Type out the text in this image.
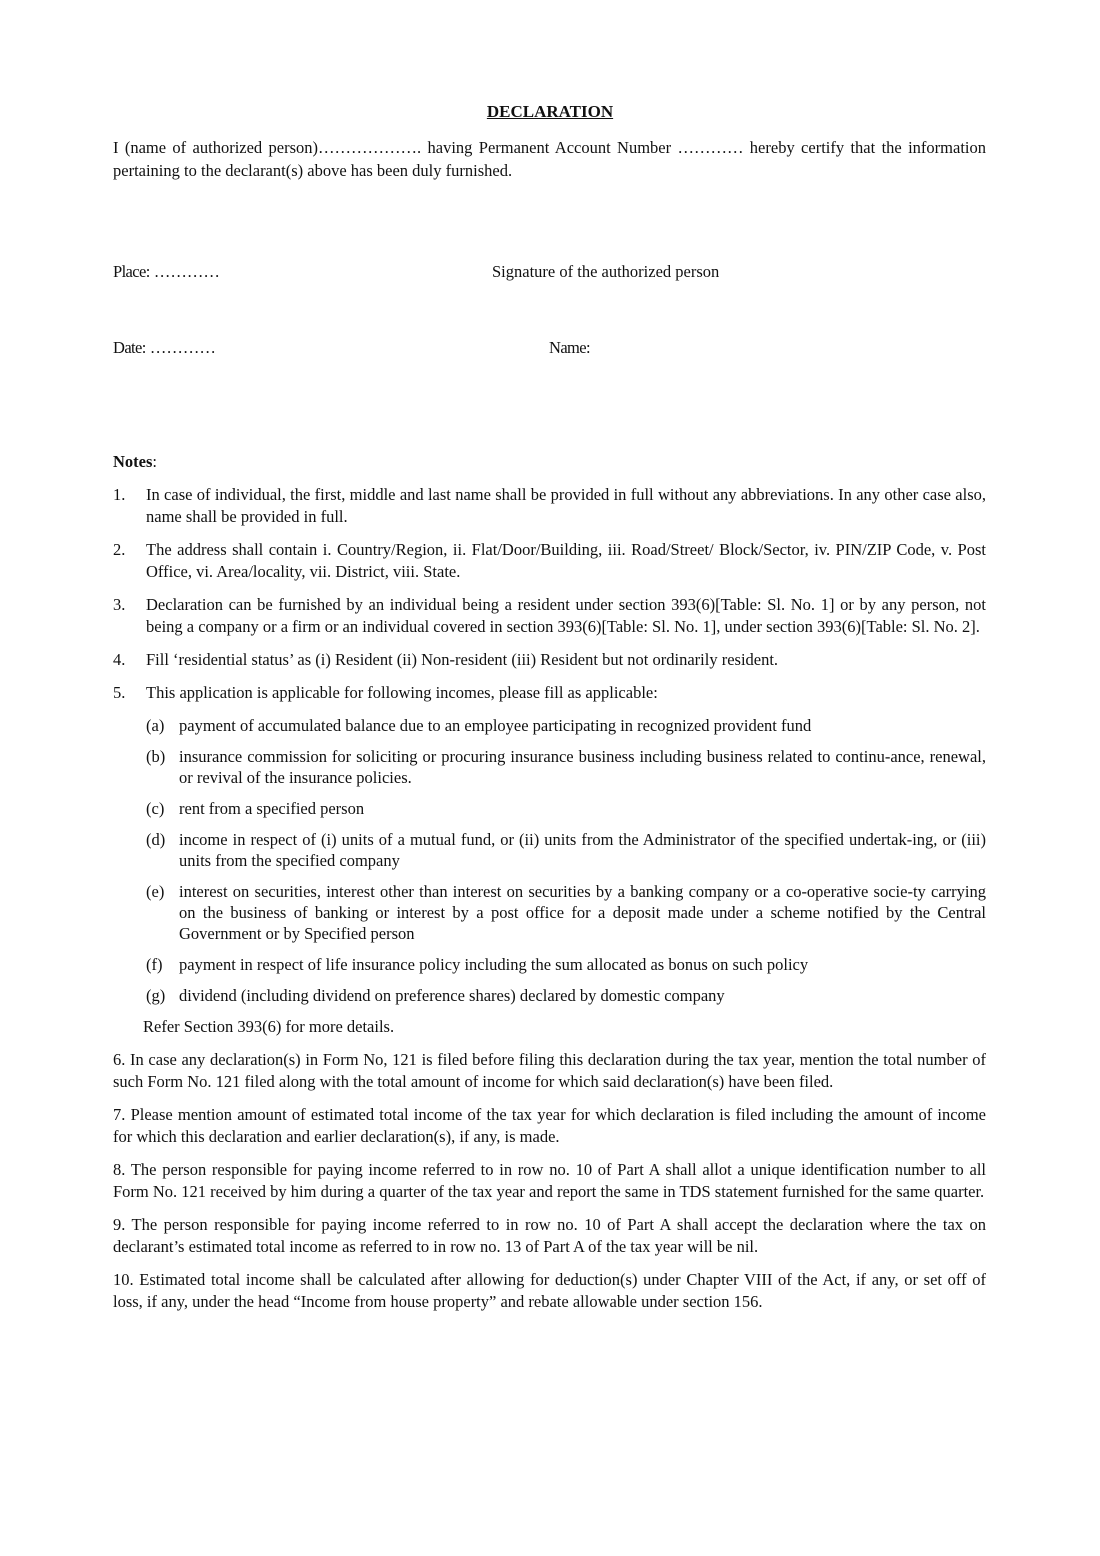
DECLARATION
I (name of authorized person)………………. having Permanent Account Number ………… hereby certify that the information pertaining to the declarant(s) above has been duly furnished.
Place: …………	Signature of the authorized person
Date: …………	Name:
Notes:
1.	In case of individual, the first, middle and last name shall be provided in full without any abbreviations. In any other case also, name shall be provided in full.
2.	The address shall contain i. Country/Region, ii. Flat/Door/Building, iii. Road/Street/ Block/Sector, iv. PIN/ZIP Code, v. Post Office, vi. Area/locality, vii. District, viii. State.
3.	Declaration can be furnished by an individual being a resident under section 393(6)[Table: Sl. No. 1] or by any person, not being a company or a firm or an individual covered in section 393(6)[Table: Sl. No. 1], under section 393(6)[Table: Sl. No. 2].
4.	Fill ‘residential status’ as (i) Resident (ii) Non-resident (iii) Resident but not ordinarily resident.
5.	This application is applicable for following incomes, please fill as applicable:
(a) payment of accumulated balance due to an employee participating in recognized provident fund
(b) insurance commission for soliciting or procuring insurance business including business related to continu-ance, renewal, or revival of the insurance policies.
(c) rent from a specified person
(d) income in respect of (i) units of a mutual fund, or (ii) units from the Administrator of the specified undertak-ing, or (iii) units from the specified company
(e) interest on securities, interest other than interest on securities by a banking company or a co-operative socie-ty carrying on the business of banking or interest by a post office for a deposit made under a scheme notified by the Central Government or by Specified person
(f)	payment in respect of life insurance policy including the sum allocated as bonus on such policy
(g) dividend (including dividend on preference shares) declared by domestic company
Refer Section 393(6) for more details.
6. In case any declaration(s) in Form No, 121 is filed before filing this declaration during the tax year, mention the total number of such Form No. 121 filed along with the total amount of income for which said declaration(s) have been filed.
7. Please mention amount of estimated total income of the tax year for which declaration is filed including the amount of income for which this declaration and earlier declaration(s), if any, is made.
8. The person responsible for paying income referred to in row no. 10 of Part A shall allot a unique identification number to all Form No. 121 received by him during a quarter of the tax year and report the same in TDS statement furnished for the same quarter.
9. The person responsible for paying income referred to in row no. 10 of Part A shall accept the declaration where the tax on declarant’s estimated total income as referred to in row no. 13 of Part A of the tax year will be nil.
10. Estimated total income shall be calculated after allowing for deduction(s) under Chapter VIII of the Act, if any, or set off of loss, if any, under the head “Income from house property” and rebate allowable under section 156.
